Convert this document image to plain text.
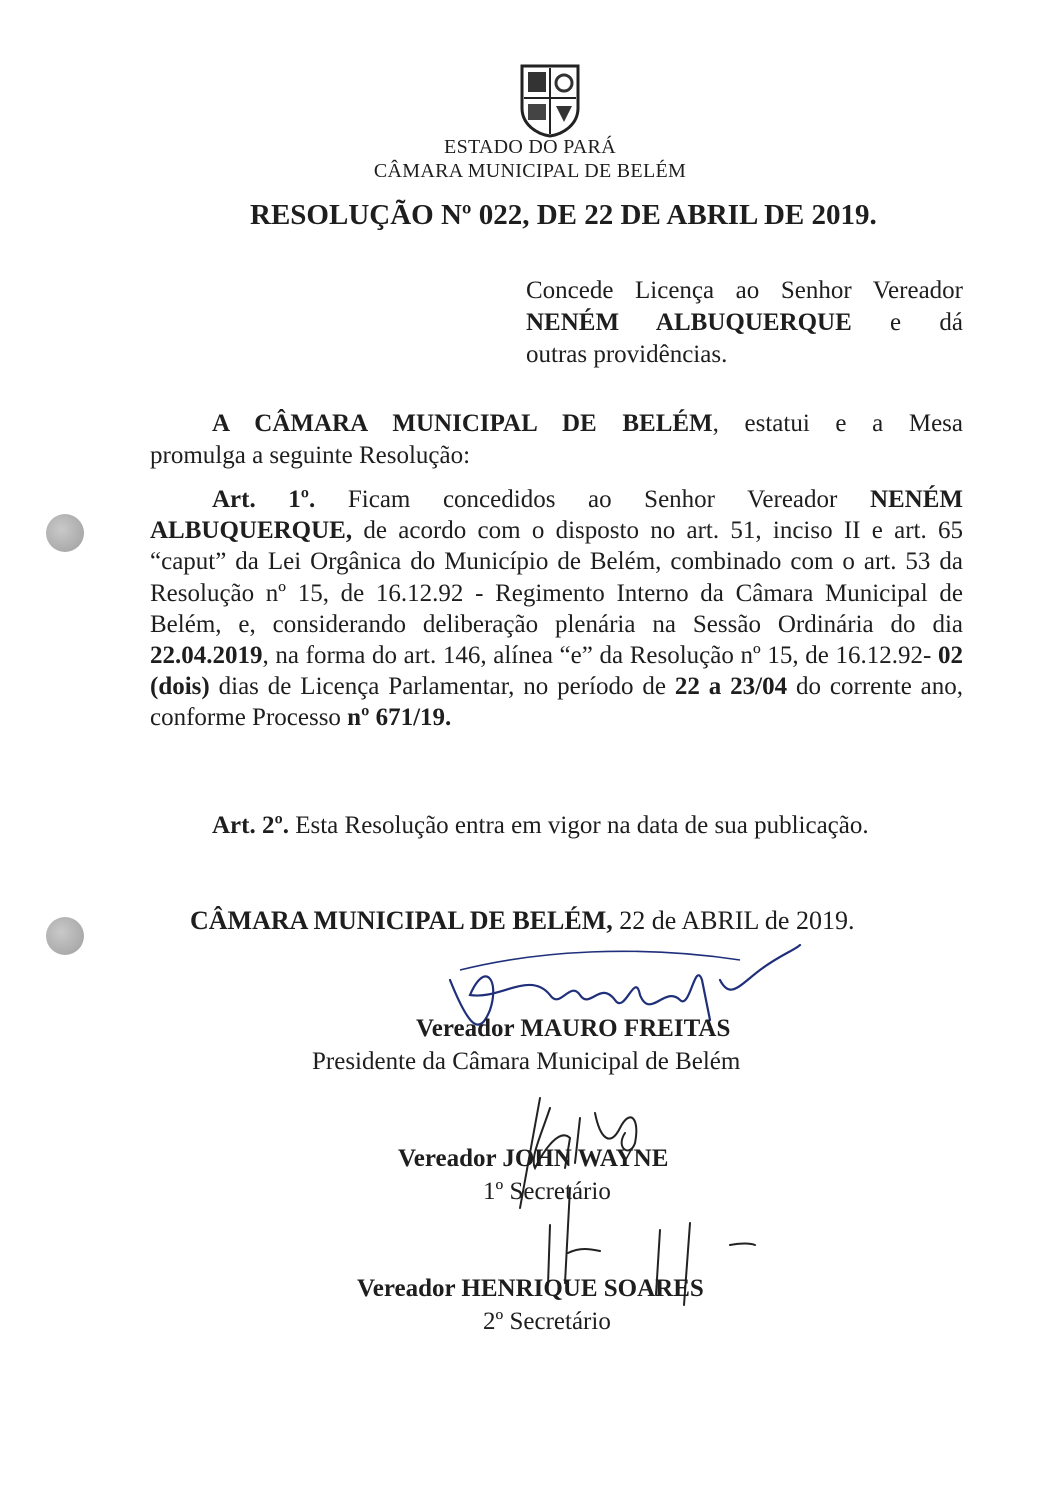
ESTADO DO PARÁ
CÂMARA MUNICIPAL DE BELÉM
RESOLUÇÃO Nº 022, DE 22 DE ABRIL DE 2019.
Concede Licença ao Senhor Vereador
NENÉM ALBUQUERQUE e dá
outras providências.
A CÂMARA MUNICIPAL DE BELÉM, estatui e a Mesa
promulga a seguinte Resolução:
Art. 1º. Ficam concedidos ao Senhor Vereador NENÉM ALBUQUERQUE, de acordo com o disposto no art. 51, inciso II e art. 65 “caput” da Lei Orgânica do Município de Belém, combinado com o art. 53 da Resolução nº 15, de 16.12.92 - Regimento Interno da Câmara Municipal de Belém, e, considerando deliberação plenária na Sessão Ordinária do dia 22.04.2019, na forma do art. 146, alínea “e” da Resolução nº 15, de 16.12.92- 02 (dois) dias de Licença Parlamentar, no período de 22 a 23/04 do corrente ano, conforme Processo nº 671/19.
Art. 2º. Esta Resolução entra em vigor na data de sua publicação.
CÂMARA MUNICIPAL DE BELÉM, 22 de ABRIL de 2019.
Vereador MAURO FREITAS
Presidente da Câmara Municipal de Belém
Vereador JOHN WAYNE
1º Secretário
Vereador HENRIQUE SOARES
2º Secretário
